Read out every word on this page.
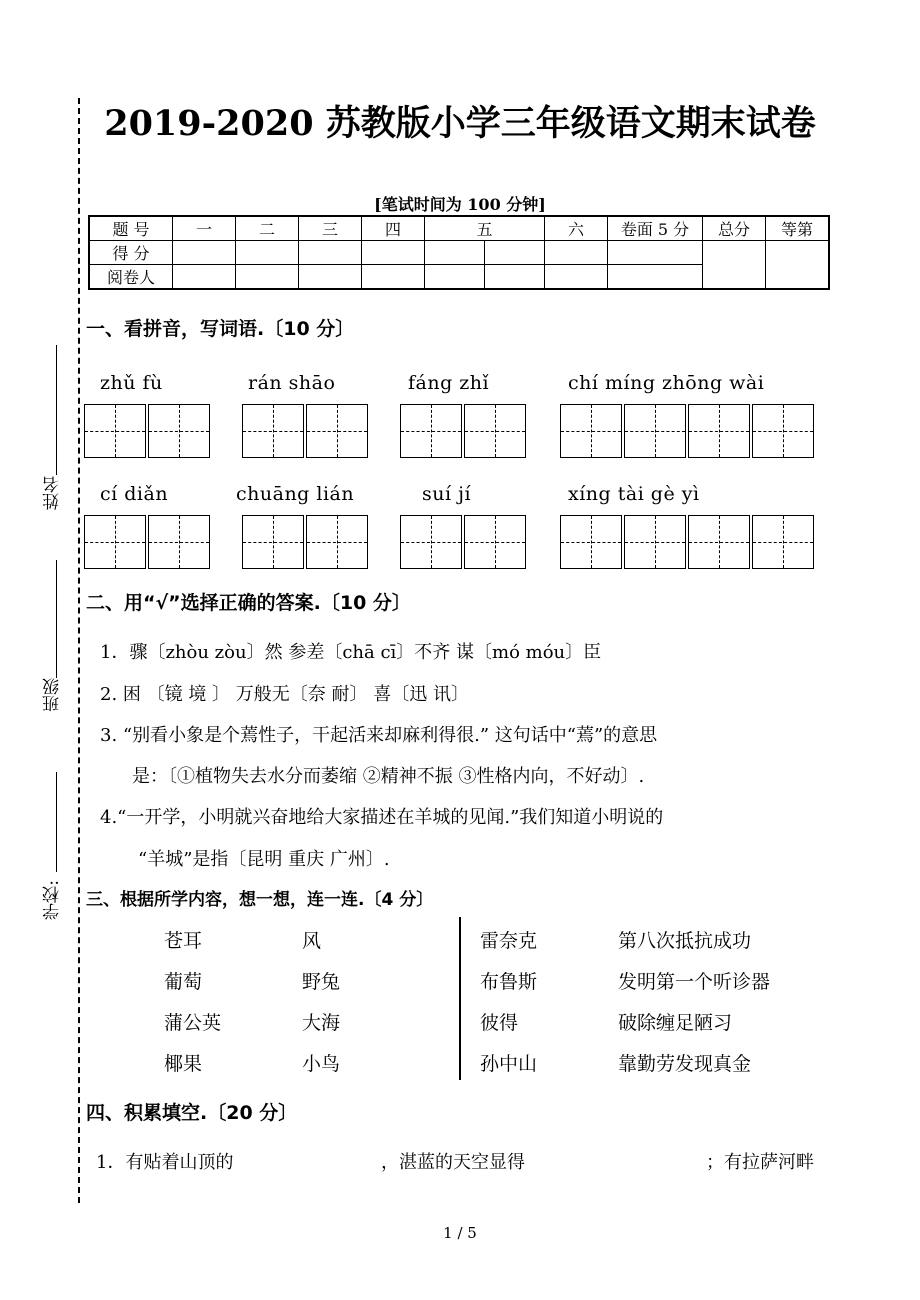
学校:
班级
姓名
2019-2020 苏教版小学三年级语文期末试卷
[笔试时间为 100 分钟]
题 号	一	二	三	四	五		六	卷面 5 分	总分	等第
得 分										
阅卷人										
一、看拼音，写词语.〔10 分〕
zhǔ fù	rán shāo	fáng zhǐ	chí míng zhōng wài
cí diǎn	chuāng lián	suí jí	xíng tài gè yì
二、用“√”选择正确的答案.〔10 分〕
1．骤〔zhòu zòu〕然 参差〔chā cī〕不齐 谋〔mó móu〕臣
2. 困 〔镜 境 〕 万般无〔奈 耐〕 喜〔迅 讯〕
3. “别看小象是个蔫性子，干起活来却麻利得很.” 这句话中“蔫”的意思
是：〔①植物失去水分而萎缩 ②精神不振 ③性格内向，不好动〕.
4.“一开学，小明就兴奋地给大家描述在羊城的见闻.”我们知道小明说的
“羊城”是指〔昆明 重庆 广州〕.
三、根据所学内容，想一想，连一连.〔4 分〕
苍耳	风
葡萄	野兔
蒲公英	大海
椰果	小鸟
雷奈克	第八次抵抗成功
布鲁斯	发明第一个听诊器
彼得	破除缠足陋习
孙中山	靠勤劳发现真金
四、积累填空.〔20 分〕
1．有贴着山顶的	，湛蓝的天空显得	；有拉萨河畔
1 / 5
